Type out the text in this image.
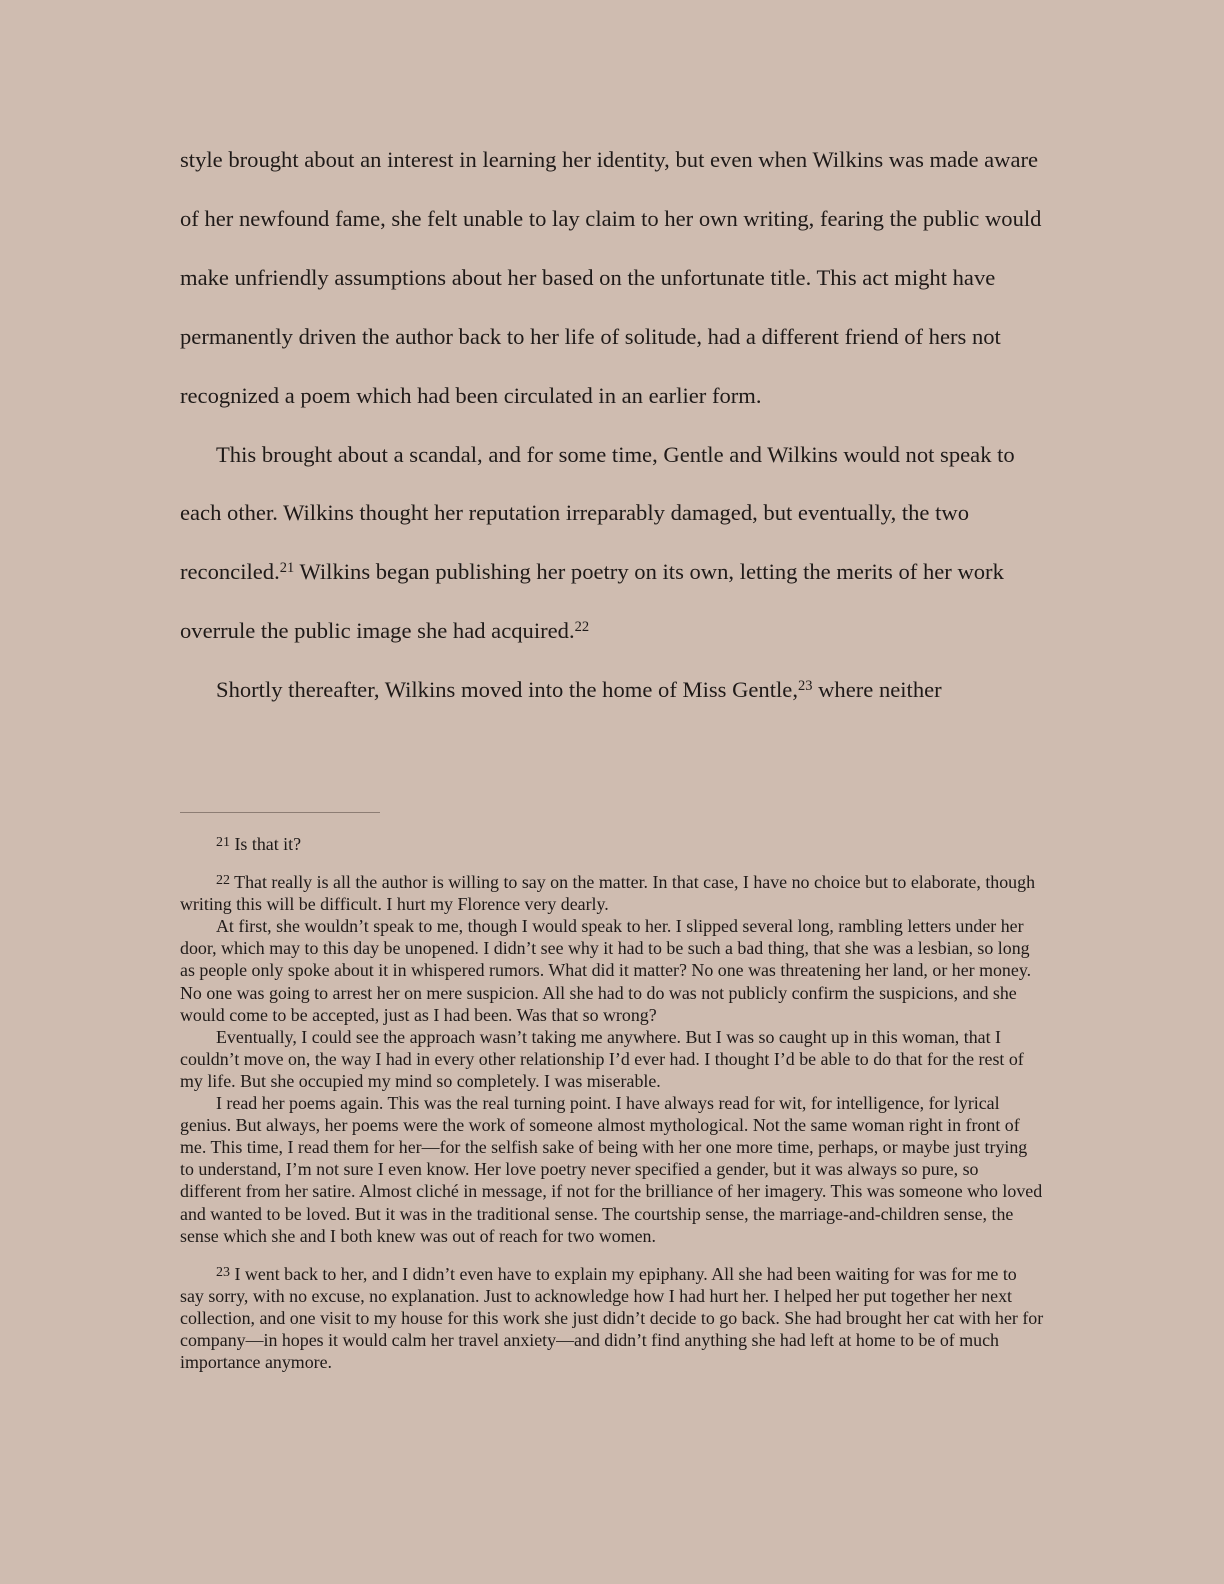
style brought about an interest in learning her identity, but even when Wilkins was made aware of her newfound fame, she felt unable to lay claim to her own writing, fearing the public would make unfriendly assumptions about her based on the unfortunate title. This act might have permanently driven the author back to her life of solitude, had a different friend of hers not recognized a poem which had been circulated in an earlier form.

This brought about a scandal, and for some time, Gentle and Wilkins would not speak to each other. Wilkins thought her reputation irreparably damaged, but eventually, the two reconciled.$^{21}$ Wilkins began publishing her poetry on its own, letting the merits of her work overrule the public image she had acquired.$^{22}$

Shortly thereafter, Wilkins moved into the home of Miss Gentle,$^{23}$ where neither

$^{21}$ Is that it?

$^{22}$ That really is all the author is willing to say on the matter. In that case, I have no choice but to elaborate, though writing this will be difficult. I hurt my Florence very dearly.

At first, she wouldn’t speak to me, though I would speak to her. I slipped several long, rambling letters under her door, which may to this day be unopened. I didn’t see why it had to be such a bad thing, that she was a lesbian, so long as people only spoke about it in whispered rumors. What did it matter? No one was threatening her land, or her money. No one was going to arrest her on mere suspicion. All she had to do was not publicly confirm the suspicions, and she would come to be accepted, just as I had been. Was that so wrong?

Eventually, I could see the approach wasn’t taking me anywhere. But I was so caught up in this woman, that I couldn’t move on, the way I had in every other relationship I’d ever had. I thought I’d be able to do that for the rest of my life. But she occupied my mind so completely. I was miserable.

I read her poems again. This was the real turning point. I have always read for wit, for intelligence, for lyrical genius. But always, her poems were the work of someone almost mythological. Not the same woman right in front of me. This time, I read them for her—for the selfish sake of being with her one more time, perhaps, or maybe just trying to understand, I’m not sure I even know. Her love poetry never specified a gender, but it was always so pure, so different from her satire. Almost cliché in message, if not for the brilliance of her imagery. This was someone who loved and wanted to be loved. But it was in the traditional sense. The courtship sense, the marriage-and-children sense, the sense which she and I both knew was out of reach for two women.

$^{23}$ I went back to her, and I didn’t even have to explain my epiphany. All she had been waiting for was for me to say sorry, with no excuse, no explanation. Just to acknowledge how I had hurt her. I helped her put together her next collection, and one visit to my house for this work she just didn’t decide to go back. She had brought her cat with her for company—in hopes it would calm her travel anxiety—and didn’t find anything she had left at home to be of much importance anymore.
